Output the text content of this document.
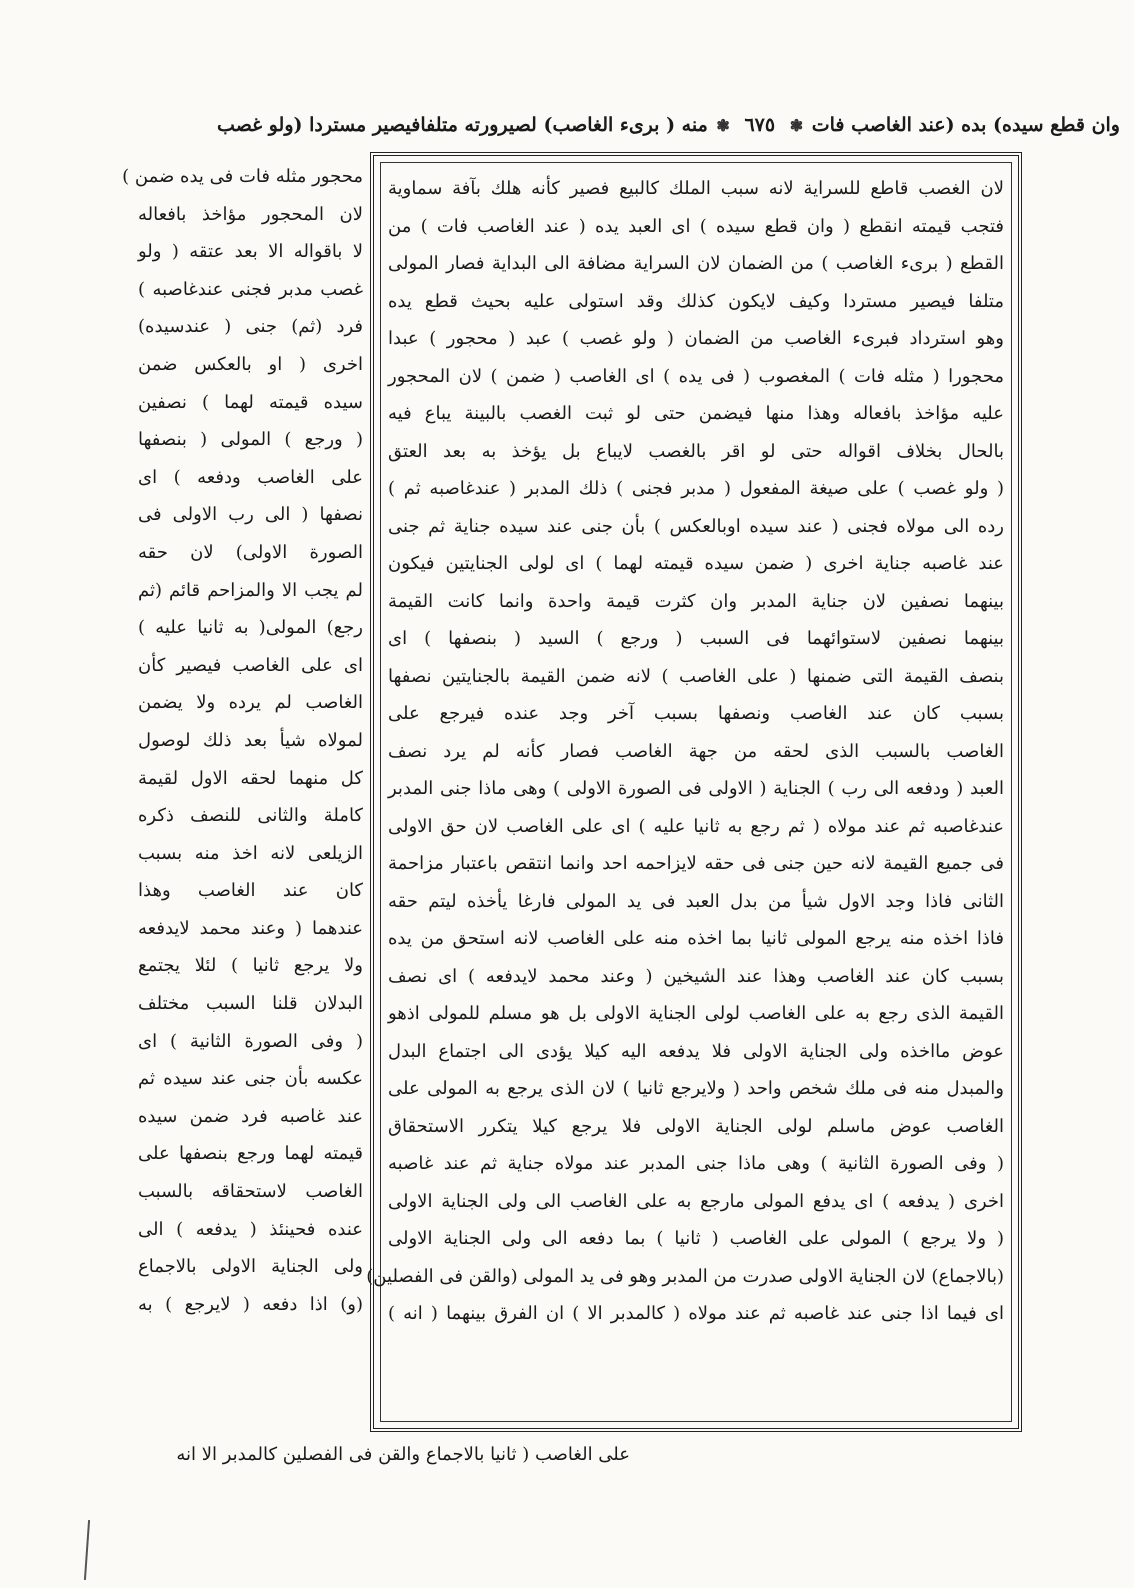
وان قطع سيده) بده (عند الغاصب فات ❃ ٦٧٥ ❃ منه ( برىء الغاصب) لصيرورته متلفافيصير مستردا (ولو غصب
لان الغصب قاطع للسراية لانه سبب الملك كالبيع فصير كأنه هلك بآفة سماوية
فتجب قيمته انقطع ( وان قطع سيده ) اى العبد يده ( عند الغاصب فات ) من
القطع ( برىء الغاصب ) من الضمان لان السراية مضافة الى البداية فصار المولى
متلفا فيصير مستردا وكيف لايكون كذلك وقد استولى عليه بحيث قطع يده
وهو استرداد فبرىء الغاصب من الضمان ( ولو غصب ) عبد ( محجور ) عبدا
محجورا ( مثله فات ) المغصوب ( فى يده ) اى الغاصب ( ضمن ) لان المحجور
عليه مؤاخذ بافعاله وهذا منها فيضمن حتى لو ثبت الغصب بالبينة يباع فيه
بالحال بخلاف اقواله حتى لو اقر بالغصب لايباع بل يؤخذ به بعد العتق
( ولو غصب ) على صيغة المفعول ( مدبر فجنى ) ذلك المدبر ( عندغاصبه ثم )
رده الى مولاه فجنى ( عند سيده اوبالعكس ) بأن جنى عند سيده جناية ثم جنى
عند غاصبه جناية اخرى ( ضمن سيده قيمته لهما ) اى لولى الجنايتين فيكون
بينهما نصفين لان جناية المدبر وان كثرت قيمة واحدة وانما كانت القيمة
بينهما نصفين لاستوائهما فى السبب ( ورجع ) السيد ( بنصفها ) اى
بنصف القيمة التى ضمنها ( على الغاصب ) لانه ضمن القيمة بالجنايتين نصفها
بسبب كان عند الغاصب ونصفها بسبب آخر وجد عنده فيرجع على
الغاصب بالسبب الذى لحقه من جهة الغاصب فصار كأنه لم يرد نصف
العبد ( ودفعه الى رب ) الجناية ( الاولى فى الصورة الاولى ) وهى ماذا جنى المدبر
عندغاصبه ثم عند مولاه ( ثم رجع به ثانيا عليه ) اى على الغاصب لان حق الاولى
فى جميع القيمة لانه حين جنى فى حقه لايزاحمه احد وانما انتقص باعتبار مزاحمة
الثانى فاذا وجد الاول شيأ من بدل العبد فى يد المولى فارغا يأخذه ليتم حقه
فاذا اخذه منه يرجع المولى ثانيا بما اخذه منه على الغاصب لانه استحق من يده
بسبب كان عند الغاصب وهذا عند الشيخين ( وعند محمد لايدفعه ) اى نصف
القيمة الذى رجع به على الغاصب لولى الجناية الاولى بل هو مسلم للمولى اذهو
عوض مااخذه ولى الجناية الاولى فلا يدفعه اليه كيلا يؤدى الى اجتماع البدل
والمبدل منه فى ملك شخص واحد ( ولايرجع ثانيا ) لان الذى يرجع به المولى على
الغاصب عوض ماسلم لولى الجناية الاولى فلا يرجع كيلا يتكرر الاستحقاق
( وفى الصورة الثانية ) وهى ماذا جنى المدبر عند مولاه جناية ثم عند غاصبه
اخرى ( يدفعه ) اى يدفع المولى مارجع به على الغاصب الى ولى الجناية الاولى
( ولا يرجع ) المولى على الغاصب ( ثانيا ) بما دفعه الى ولى الجناية الاولى
(بالاجماع) لان الجناية الاولى صدرت من المدبر وهو فى يد المولى (والقن فى الفصلين)
اى فيما اذا جنى عند غاصبه ثم عند مولاه ( كالمدبر الا ) ان الفرق بينهما ( انه )
محجور مثله فات فى يده ضمن )
لان المحجور مؤاخذ بافعاله
لا باقواله الا بعد عتقه ( ولو
غصب مدبر فجنى عندغاصبه )
فرد (ثم) جنى ( عندسيده)
اخرى ( او بالعكس ضمن
سيده قيمته لهما ) نصفين
( ورجع ) المولى ( بنصفها
على الغاصب ودفعه ) اى
نصفها ( الى رب الاولى فى
الصورة الاولى) لان حقه
لم يجب الا والمزاحم قائم (ثم
رجع) المولى( به ثانيا عليه )
اى على الغاصب فيصير كأن
الغاصب لم يرده ولا يضمن
لمولاه شيأ بعد ذلك لوصول
كل منهما لحقه الاول لقيمة
كاملة والثانى للنصف ذكره
الزيلعى لانه اخذ منه بسبب
كان عند الغاصب وهذا
عندهما ( وعند محمد لايدفعه
ولا يرجع ثانيا ) لئلا يجتمع
البدلان قلنا السبب مختلف
( وفى الصورة الثانية ) اى
عكسه بأن جنى عند سيده ثم
عند غاصبه فرد ضمن سيده
قيمته لهما ورجع بنصفها على
الغاصب لاستحقاقه بالسبب
عنده فحينئذ ( يدفعه ) الى
ولى الجناية الاولى بالاجماع
(و) اذا دفعه ( لايرجع ) به
على الغاصب ( ثانيا بالاجماع والقن فى الفصلين كالمدبر الا انه
